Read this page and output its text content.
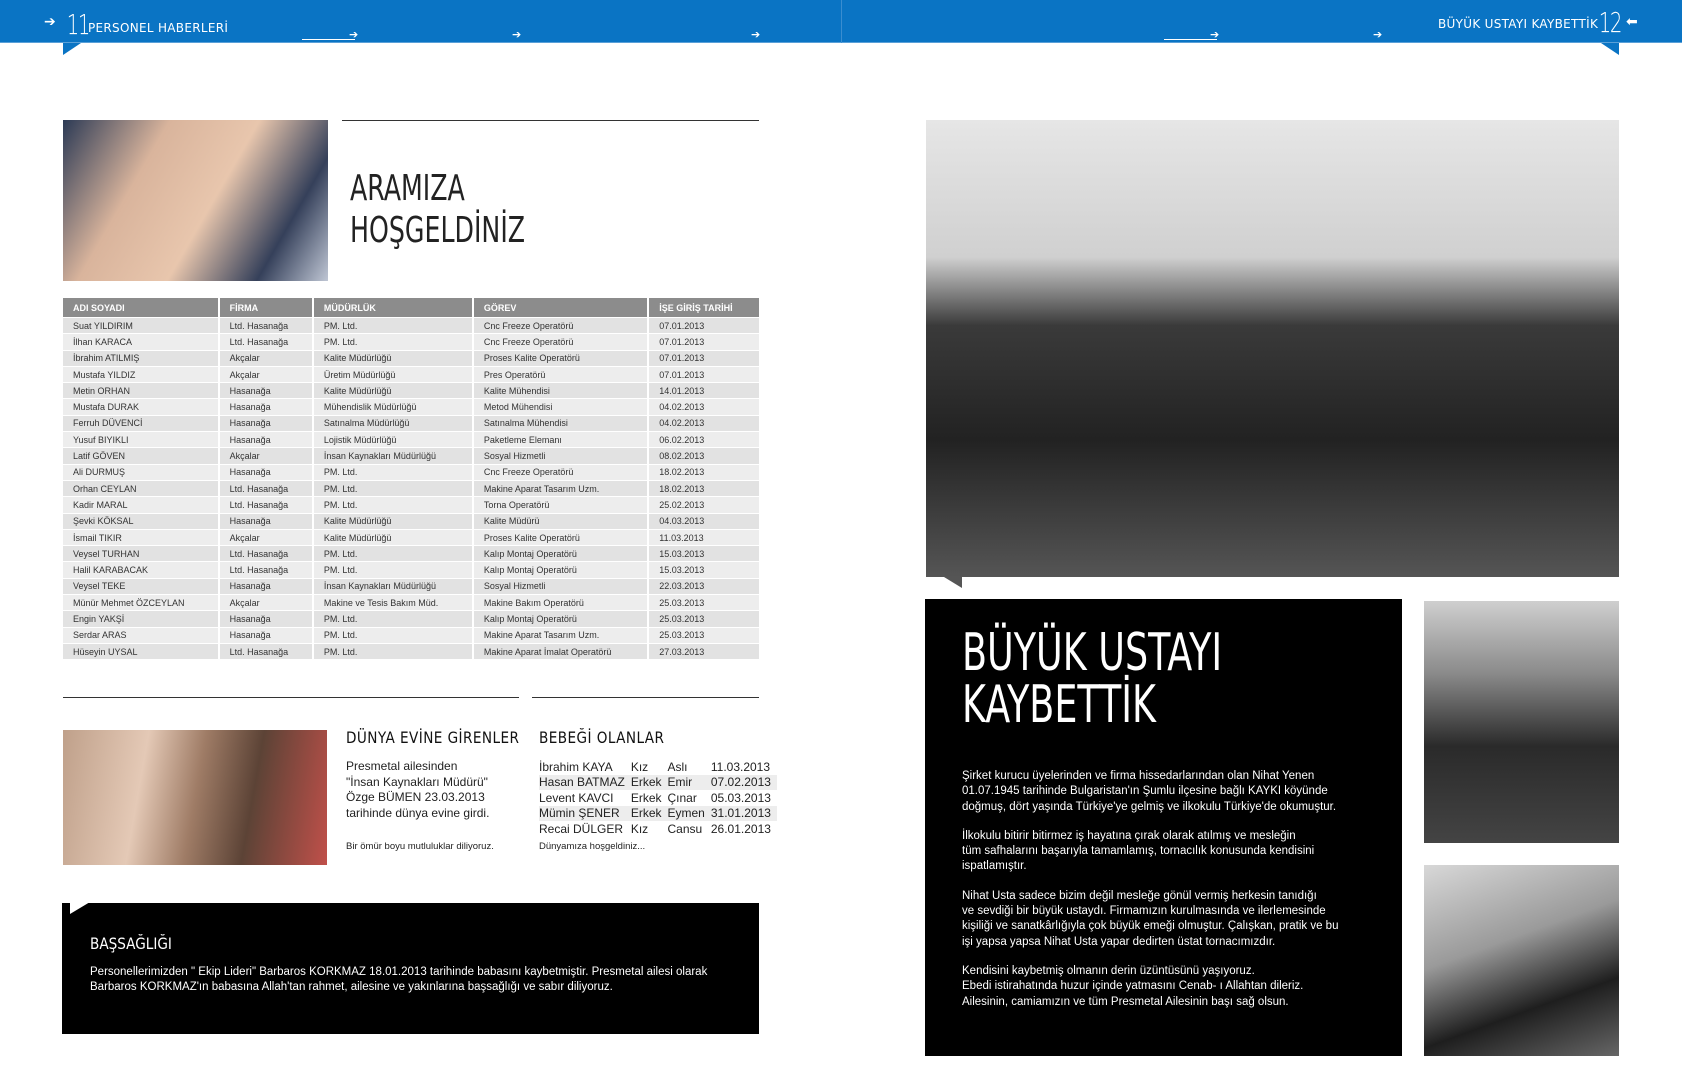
➔ 11 PERSONEL HABERLERİ	➔	➔	➔	➔	➔
BÜYÜK USTAYI KAYBETTİK 12 ⬅
ARAMIZA
HOŞGELDİNİZ
ADI SOYADI	FİRMA	MÜDÜRLÜK	GÖREV	İŞE GİRİŞ TARİHİ
Suat YILDIRIM	Ltd. Hasanağa	PM. Ltd.	Cnc Freeze Operatörü	07.01.2013
İlhan KARACA	Ltd. Hasanağa	PM. Ltd.	Cnc Freeze Operatörü	07.01.2013
İbrahim ATILMIŞ	Akçalar	Kalite Müdürlüğü	Proses Kalite Operatörü	07.01.2013
Mustafa YILDIZ	Akçalar	Üretim Müdürlüğü	Pres Operatörü	07.01.2013
Metin ORHAN	Hasanağa	Kalite Müdürlüğü	Kalite Mühendisi	14.01.2013
Mustafa DURAK	Hasanağa	Mühendislik Müdürlüğü	Metod Mühendisi	04.02.2013
Ferruh DÜVENCİ	Hasanağa	Satınalma Müdürlüğü	Satınalma Mühendisi	04.02.2013
Yusuf BIYIKLI	Hasanağa	Lojistik Müdürlüğü	Paketleme Elemanı	06.02.2013
Latif GÖVEN	Akçalar	İnsan Kaynakları Müdürlüğü	Sosyal Hizmetli	08.02.2013
Ali DURMUŞ	Hasanağa	PM. Ltd.	Cnc Freeze Operatörü	18.02.2013
Orhan CEYLAN	Ltd. Hasanağa	PM. Ltd.	Makine Aparat Tasarım Uzm.	18.02.2013
Kadir MARAL	Ltd. Hasanağa	PM. Ltd.	Torna Operatörü	25.02.2013
Şevki KÖKSAL	Hasanağa	Kalite Müdürlüğü	Kalite Müdürü	04.03.2013
İsmail TIKIR	Akçalar	Kalite Müdürlüğü	Proses Kalite Operatörü	11.03.2013
Veysel TURHAN	Ltd. Hasanağa	PM. Ltd.	Kalıp Montaj Operatörü	15.03.2013
Halil KARABACAK	Ltd. Hasanağa	PM. Ltd.	Kalıp Montaj Operatörü	15.03.2013
Veysel TEKE	Hasanağa	İnsan Kaynakları Müdürlüğü	Sosyal Hizmetli	22.03.2013
Münür Mehmet ÖZCEYLAN	Akçalar	Makine ve Tesis Bakım Müd.	Makine Bakım Operatörü	25.03.2013
Engin YAKŞİ	Hasanağa	PM. Ltd.	Kalıp Montaj Operatörü	25.03.2013
Serdar ARAS	Hasanağa	PM. Ltd.	Makine Aparat Tasarım Uzm.	25.03.2013
Hüseyin UYSAL	Ltd. Hasanağa	PM. Ltd.	Makine Aparat İmalat Operatörü	27.03.2013
DÜNYA EVİNE GİRENLER
Presmetal ailesinden
"İnsan Kaynakları Müdürü"
Özge BÜMEN 23.03.2013
tarihinde dünya evine girdi.
Bir ömür boyu mutluluklar diliyoruz.
BEBEĞİ OLANLAR
İbrahim KAYA	Kız	Aslı	11.03.2013
Hasan BATMAZ	Erkek	Emir	07.02.2013
Levent KAVCI	Erkek	Çınar	05.03.2013
Mümin ŞENER	Erkek	Eymen	31.01.2013
Recai DÜLGER	Kız	Cansu	26.01.2013
Dünyamıza hoşgeldiniz...
BAŞSAĞLIĞI
Personellerimizden " Ekip Lideri" Barbaros KORKMAZ 18.01.2013 tarihinde babasını kaybetmiştir. Presmetal ailesi olarak
Barbaros KORKMAZ'ın babasına Allah'tan rahmet, ailesine ve yakınlarına başsağlığı ve sabır diliyoruz.
BÜYÜK USTAYI
KAYBETTİK
Şirket kurucu üyelerinden ve firma hissedarlarından olan Nihat Yenen
01.07.1945 tarihinde Bulgaristan'ın Şumlu ilçesine bağlı KAYKI köyünde
doğmuş, dört yaşında Türkiye'ye gelmiş ve ilkokulu Türkiye'de okumuştur.
İlkokulu bitirir bitirmez iş hayatına çırak olarak atılmış ve mesleğin
tüm safhalarını başarıyla tamamlamış, tornacılık konusunda kendisini
ispatlamıştır.
Nihat Usta sadece bizim değil mesleğe gönül vermiş herkesin tanıdığı
ve sevdiği bir büyük ustaydı. Firmamızın kurulmasında ve ilerlemesinde
kişiliği ve sanatkârlığıyla çok büyük emeği olmuştur. Çalışkan, pratik ve bu
işi yapsa yapsa Nihat Usta yapar dedirten üstat tornacımızdır.
Kendisini kaybetmiş olmanın derin üzüntüsünü yaşıyoruz.
Ebedi istirahatında huzur içinde yatmasını Cenab- ı Allahtan dileriz.
Ailesinin, camiamızın ve tüm Presmetal Ailesinin başı sağ olsun.
